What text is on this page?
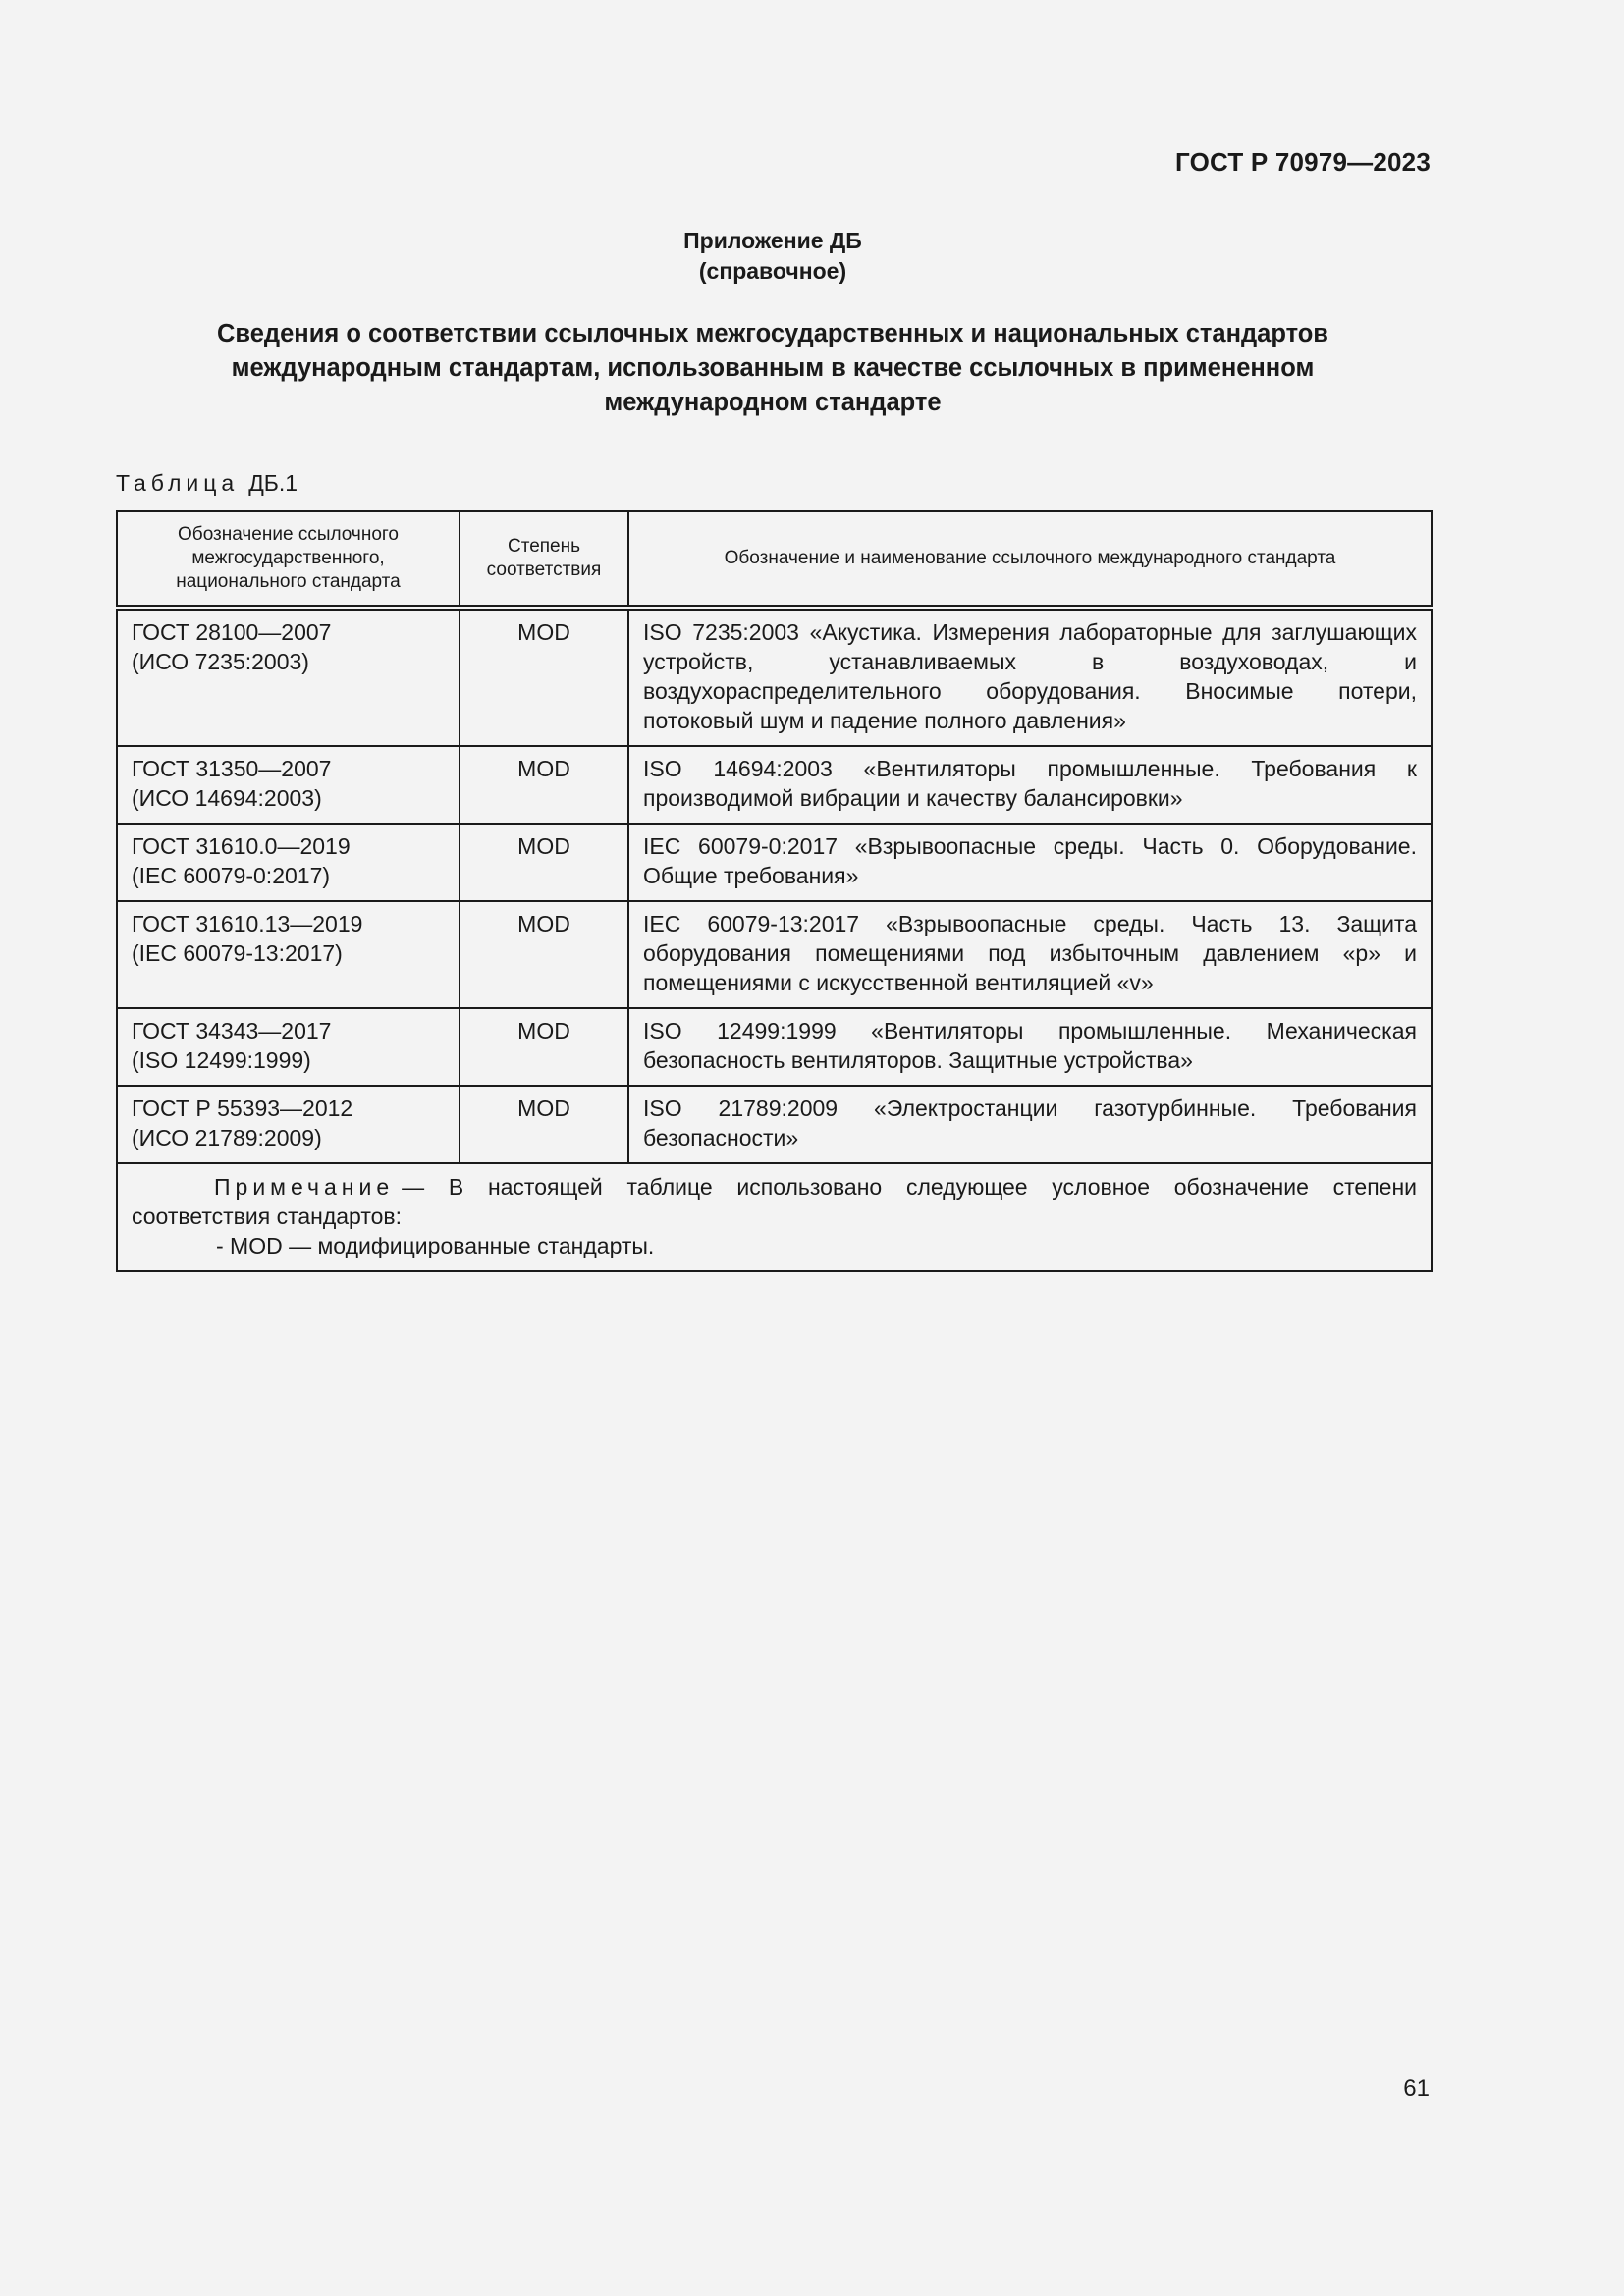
ГОСТ Р 70979—2023
Приложение ДБ
(справочное)
Сведения о соответствии ссылочных межгосударственных и национальных стандартов
международным стандартам, использованным в качестве ссылочных в примененном
международном стандарте
Таблица ДБ.1
Обозначение ссылочного межгосударственного, национального стандарта	Степень соответствия	Обозначение и наименование ссылочного международного стандарта

ГОСТ 28100—2007
(ИСО 7235:2003)	MOD	ISO 7235:2003 «Акустика. Измерения лабораторные для заглушающих устройств, устанавливаемых в воздуховодах, и воздухораспределительного оборудования. Вносимые потери, потоковый шум и падение полного давления»

ГОСТ 31350—2007
(ИСО 14694:2003)	MOD	ISO 14694:2003 «Вентиляторы промышленные. Требования к производимой вибрации и качеству балансировки»

ГОСТ 31610.0—2019
(IEC 60079-0:2017)	MOD	IEC 60079-0:2017 «Взрывоопасные среды. Часть 0. Оборудование. Общие требования»

ГОСТ 31610.13—2019
(IEC 60079-13:2017)	MOD	IEC 60079-13:2017 «Взрывоопасные среды. Часть 13. Защита оборудования помещениями под избыточным давлением «р» и помещениями с искусственной вентиляцией «v»

ГОСТ 34343—2017
(ISO 12499:1999)	MOD	ISO 12499:1999 «Вентиляторы промышленные. Механическая безопасность вентиляторов. Защитные устройства»

ГОСТ Р 55393—2012
(ИСО 21789:2009)	MOD	ISO 21789:2009 «Электростанции газотурбинные. Требования безопасности»

Примечание — В настоящей таблице использовано следующее условное обозначение степени соответствия стандартов:
- MOD — модифицированные стандарты.		
61
